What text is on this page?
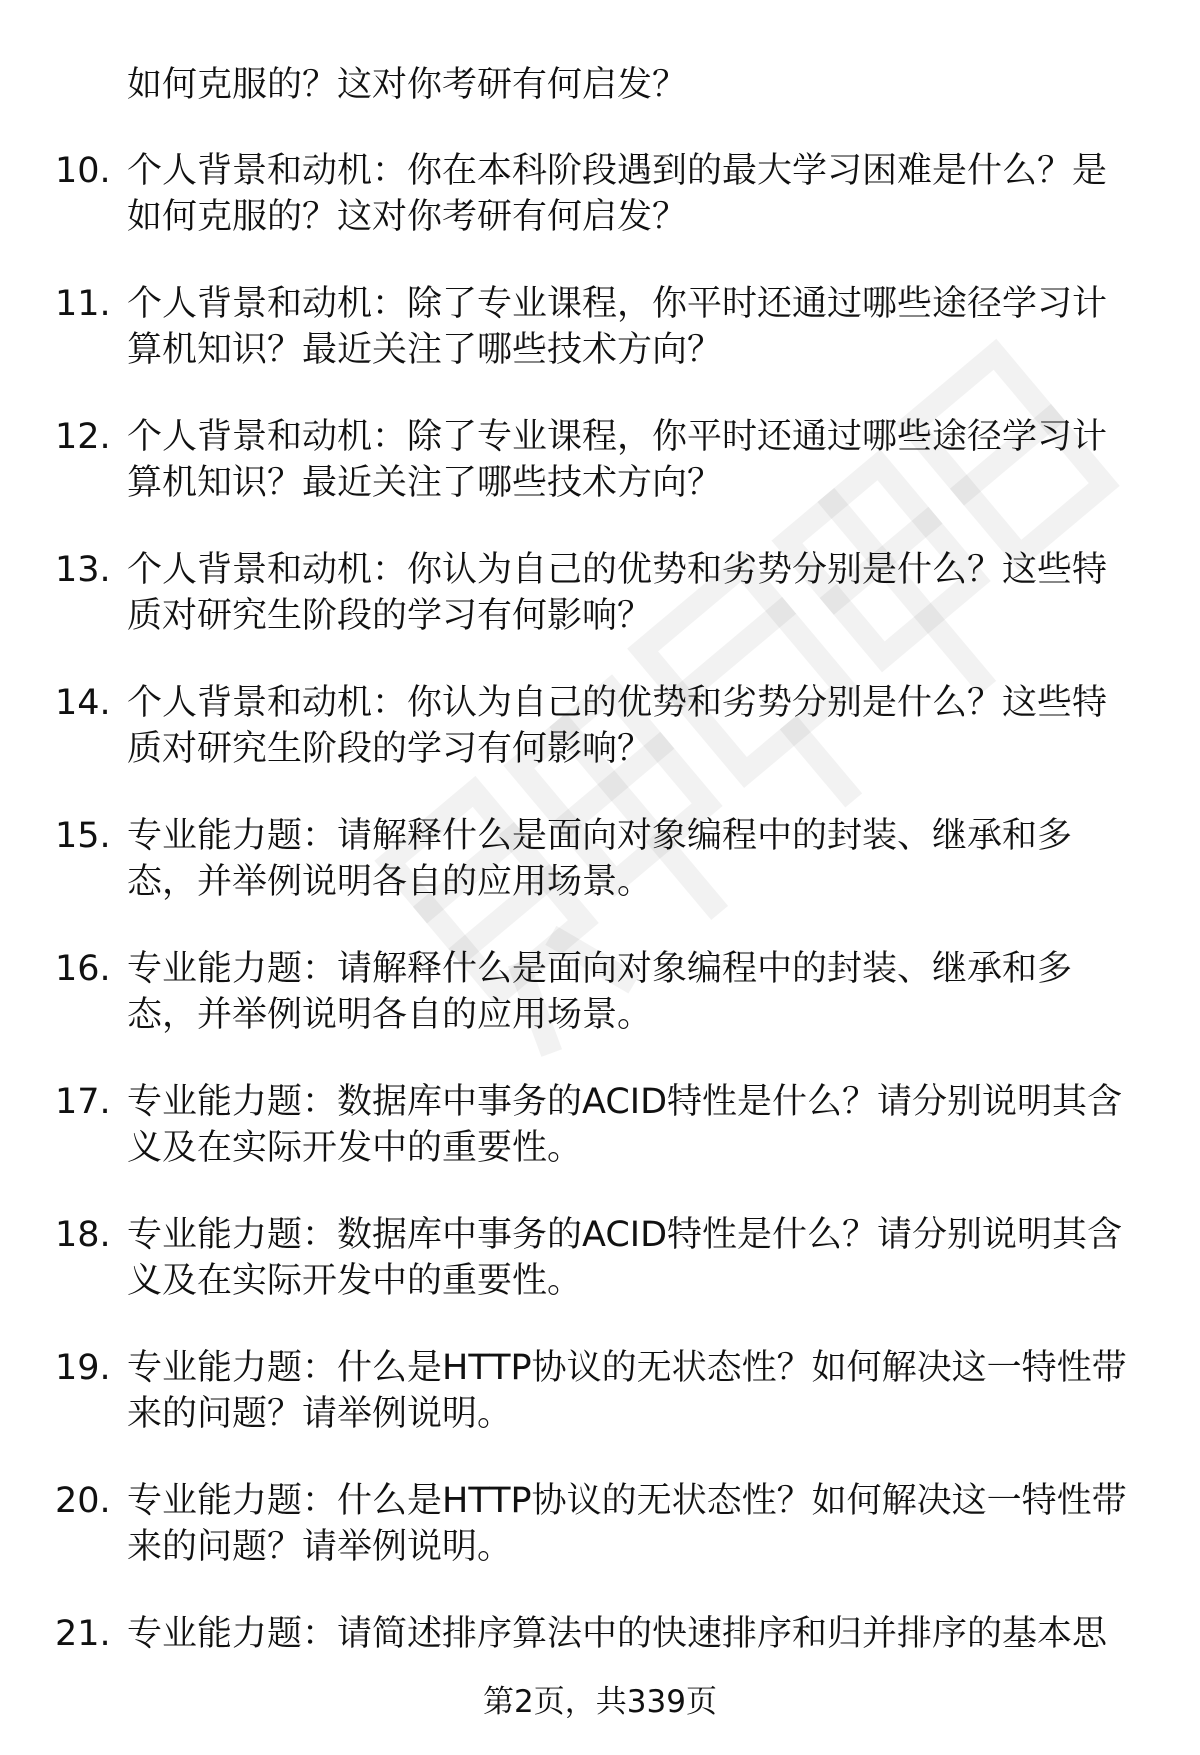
如何克服的？这对你考研有何启发？
10. 个人背景和动机：你在本科阶段遇到的最大学习困难是什么？是
如何克服的？这对你考研有何启发？
11. 个人背景和动机：除了专业课程，你平时还通过哪些途径学习计
算机知识？最近关注了哪些技术方向？
12. 个人背景和动机：除了专业课程，你平时还通过哪些途径学习计
算机知识？最近关注了哪些技术方向？
13. 个人背景和动机：你认为自己的优势和劣势分别是什么？这些特
质对研究生阶段的学习有何影响？
14. 个人背景和动机：你认为自己的优势和劣势分别是什么？这些特
质对研究生阶段的学习有何影响？
15. 专业能力题：请解释什么是面向对象编程中的封装、继承和多
态，并举例说明各自的应用场景。
16. 专业能力题：请解释什么是面向对象编程中的封装、继承和多
态，并举例说明各自的应用场景。
17. 专业能力题：数据库中事务的ACID特性是什么？请分别说明其含
义及在实际开发中的重要性。
18. 专业能力题：数据库中事务的ACID特性是什么？请分别说明其含
义及在实际开发中的重要性。
19. 专业能力题：什么是HTTP协议的无状态性？如何解决这一特性带
来的问题？请举例说明。
20. 专业能力题：什么是HTTP协议的无状态性？如何解决这一特性带
来的问题？请举例说明。
21. 专业能力题：请简述排序算法中的快速排序和归并排序的基本思
第2页，共339页
